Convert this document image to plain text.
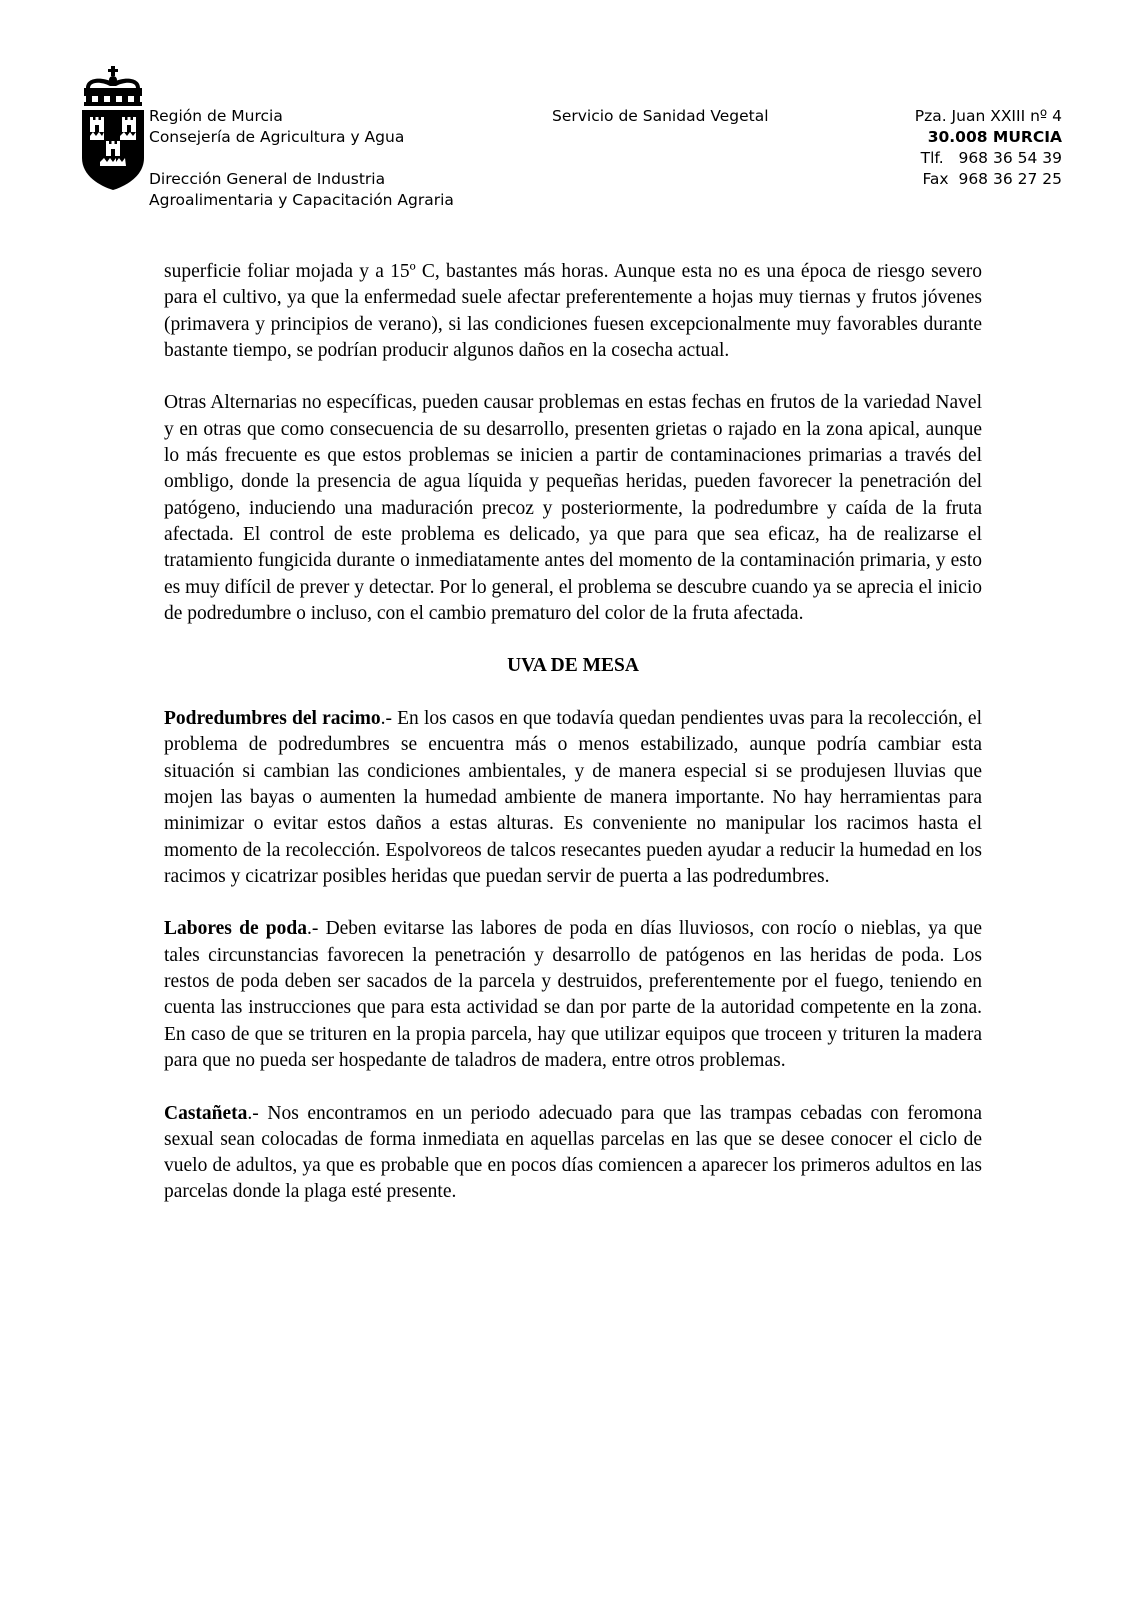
Región de Murcia
Consejería de Agricultura y Agua
Dirección General de Industria
Agroalimentaria y Capacitación Agraria
Servicio de Sanidad Vegetal	Pza. Juan XXIII nº 4
30.008 MURCIA
Tlf.   968 36 54 39
Fax  968 36 27 25

superficie foliar mojada y a 15º C, bastantes más horas. Aunque esta no es una época de riesgo severo para el cultivo, ya que la enfermedad suele afectar preferentemente a hojas muy tiernas y frutos jóvenes (primavera y principios de verano), si las condiciones fuesen excepcionalmente muy favorables durante bastante tiempo, se podrían producir algunos daños en la cosecha actual.

Otras Alternarias no específicas, pueden causar problemas en estas fechas en frutos de la variedad Navel y en otras que como consecuencia de su desarrollo, presenten grietas o rajado en la zona apical, aunque lo más frecuente es que estos problemas se inicien a partir de contaminaciones primarias a través del ombligo, donde la presencia de agua líquida y pequeñas heridas, pueden favorecer la penetración del patógeno, induciendo una maduración precoz y posteriormente, la podredumbre y caída de la fruta afectada. El control de este problema es delicado, ya que para que sea eficaz, ha de realizarse el tratamiento fungicida durante o inmediatamente antes del momento de la contaminación primaria, y esto es muy difícil de prever y detectar. Por lo general, el problema se descubre cuando ya se aprecia el inicio de podredumbre o incluso, con el cambio prematuro del color de la fruta afectada.

UVA DE MESA

Podredumbres del racimo.- En los casos en que todavía quedan pendientes uvas para la recolección, el problema de podredumbres se encuentra más o menos estabilizado, aunque podría cambiar esta situación si cambian las condiciones ambientales, y de manera especial si se produjesen lluvias que mojen las bayas o aumenten la humedad ambiente de manera importante. No hay herramientas para minimizar o evitar estos daños a estas alturas. Es conveniente no manipular los racimos hasta el momento de la recolección. Espolvoreos de talcos resecantes pueden ayudar a reducir la humedad en los racimos y cicatrizar posibles heridas que puedan servir de puerta a las podredumbres.

Labores de poda.- Deben evitarse las labores de poda en días lluviosos, con rocío o nieblas, ya que tales circunstancias favorecen la penetración y desarrollo de patógenos en las heridas de poda. Los restos de poda deben ser sacados de la parcela y destruidos, preferentemente por el fuego, teniendo en cuenta las instrucciones que para esta actividad se dan por parte de la autoridad competente en la zona. En caso de que se trituren en la propia parcela, hay que utilizar equipos que troceen y trituren la madera para que no pueda ser hospedante de taladros de madera, entre otros problemas.

Castañeta.- Nos encontramos en un periodo adecuado para que las trampas cebadas con feromona sexual sean colocadas de forma inmediata en aquellas parcelas en las que se desee conocer el ciclo de vuelo de adultos, ya que es probable que en pocos días comiencen a aparecer los primeros adultos en las parcelas donde la plaga esté presente.
